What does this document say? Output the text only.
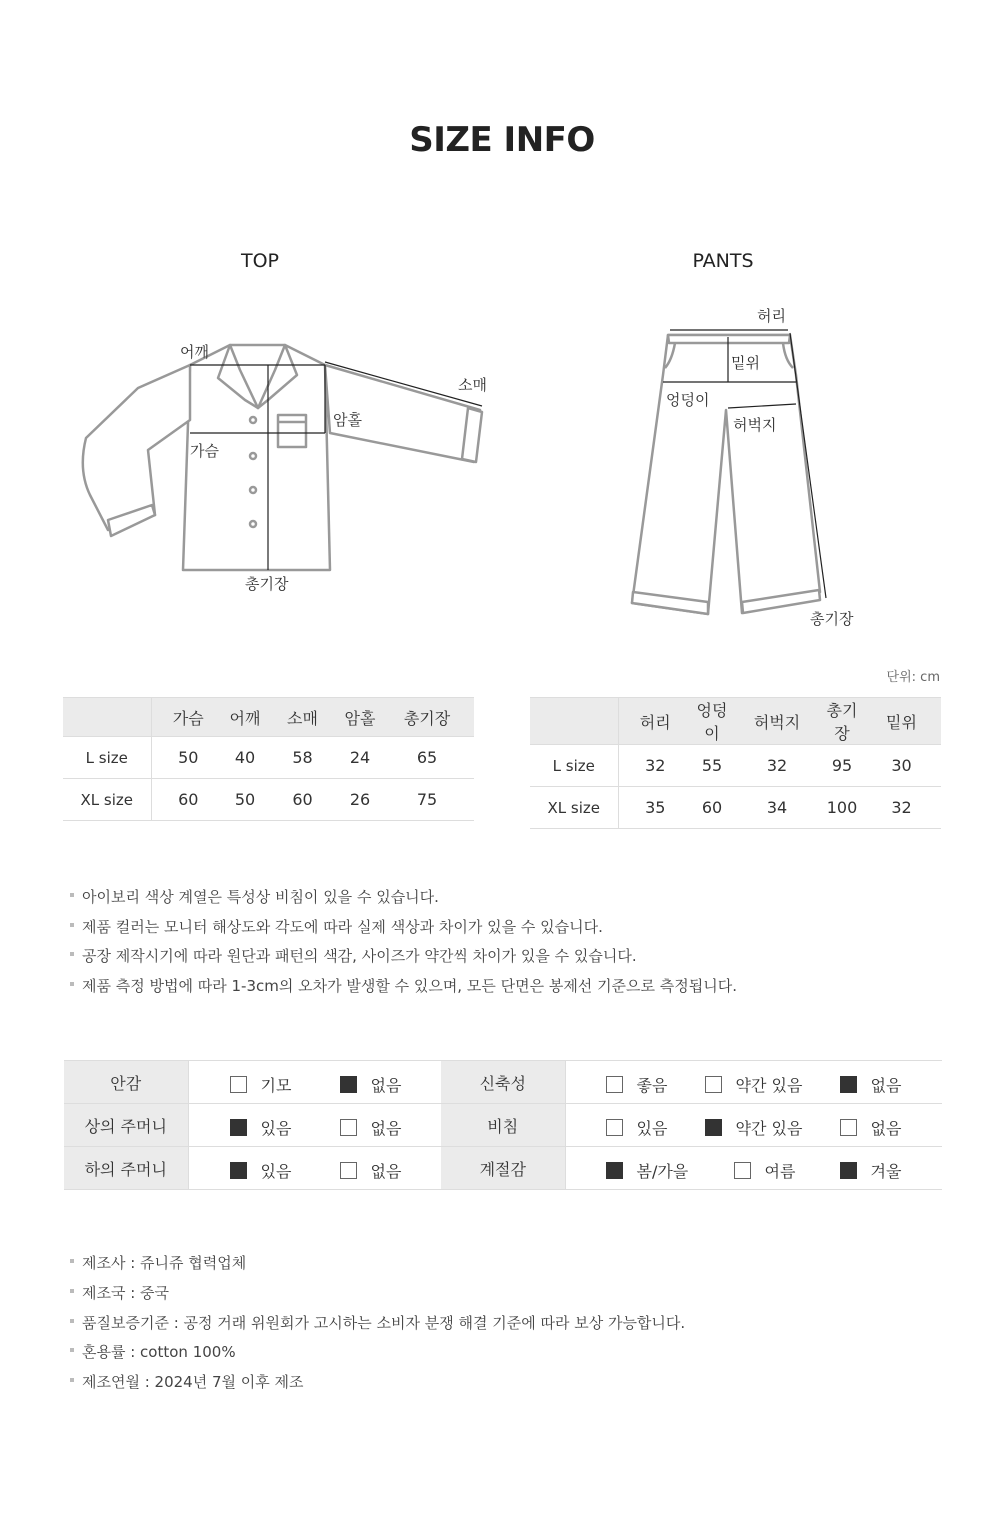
SIZE INFO
TOP	PANTS
어깨
소매
암홀
가슴
총기장
허리
밑위
엉덩이
허벅지
총기장
단위: cm
	가슴	어깨	소매	암홀	총기장
L size	50	40	58	24	65
XL size	60	50	60	26	75
	허리	엉덩이	허벅지	총기장	밑위
L size	32	55	32	95	30
XL size	35	60	34	100	32
아이보리 색상 계열은 특성상 비침이 있을 수 있습니다.
제품 컬러는 모니터 해상도와 각도에 따라 실제 색상과 차이가 있을 수 있습니다.
공장 제작시기에 따라 원단과 패턴의 색감, 사이즈가 약간씩 차이가 있을 수 있습니다.
제품 측정 방법에 따라 1-3cm의 오차가 발생할 수 있으며, 모든 단면은 봉제선 기준으로 측정됩니다.
안감	기모 없음	신축성	좋음 약간 있음 없음

상의 주머니	있음 없음	비침	있음 약간 있음 없음

하의 주머니	있음 없음	계절감	봄/가을 여름 겨울
제조사 : 쥬니쥬 협력업체
제조국 : 중국
품질보증기준 : 공정 거래 위원회가 고시하는 소비자 분쟁 해결 기준에 따라 보상 가능합니다.
혼용률 : cotton 100%
제조연월 : 2024년 7월 이후 제조
